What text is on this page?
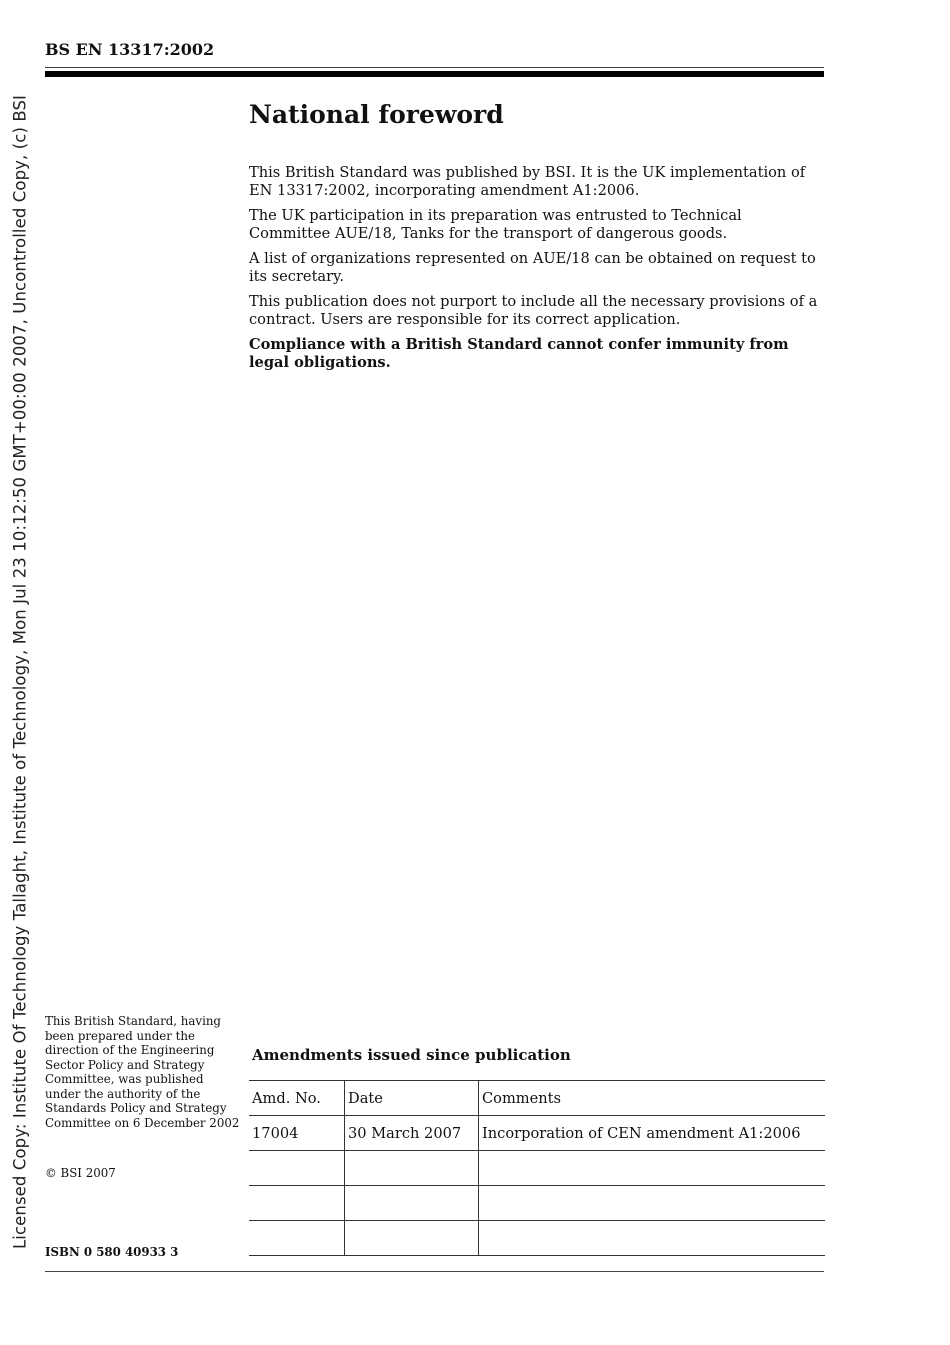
Licensed Copy: Institute Of Technology Tallaght, Institute of Technology, Mon Jul 23 10:12:50 GMT+00:00 2007, Uncontrolled Copy, (c) BSI
BS EN 13317:2002
National foreword

This British Standard was published by BSI. It is the UK implementation of EN 13317:2002, incorporating amendment A1:2006.

The UK participation in its preparation was entrusted to Technical Committee AUE/18, Tanks for the transport of dangerous goods.

A list of organizations represented on AUE/18 can be obtained on request to its secretary.

This publication does not purport to include all the necessary provisions of a contract. Users are responsible for its correct application.

Compliance with a British Standard cannot confer immunity from legal obligations.

This British Standard, having been prepared under the direction of the Engineering Sector Policy and Strategy Committee, was published under the authority of the Standards Policy and Strategy Committee on 6 December 2002
© BSI 2007
ISBN 0 580 40933 3
Amendments issued since publication
Amd. No.	Date	Comments
17004	30 March 2007	Incorporation of CEN amendment A1:2006
